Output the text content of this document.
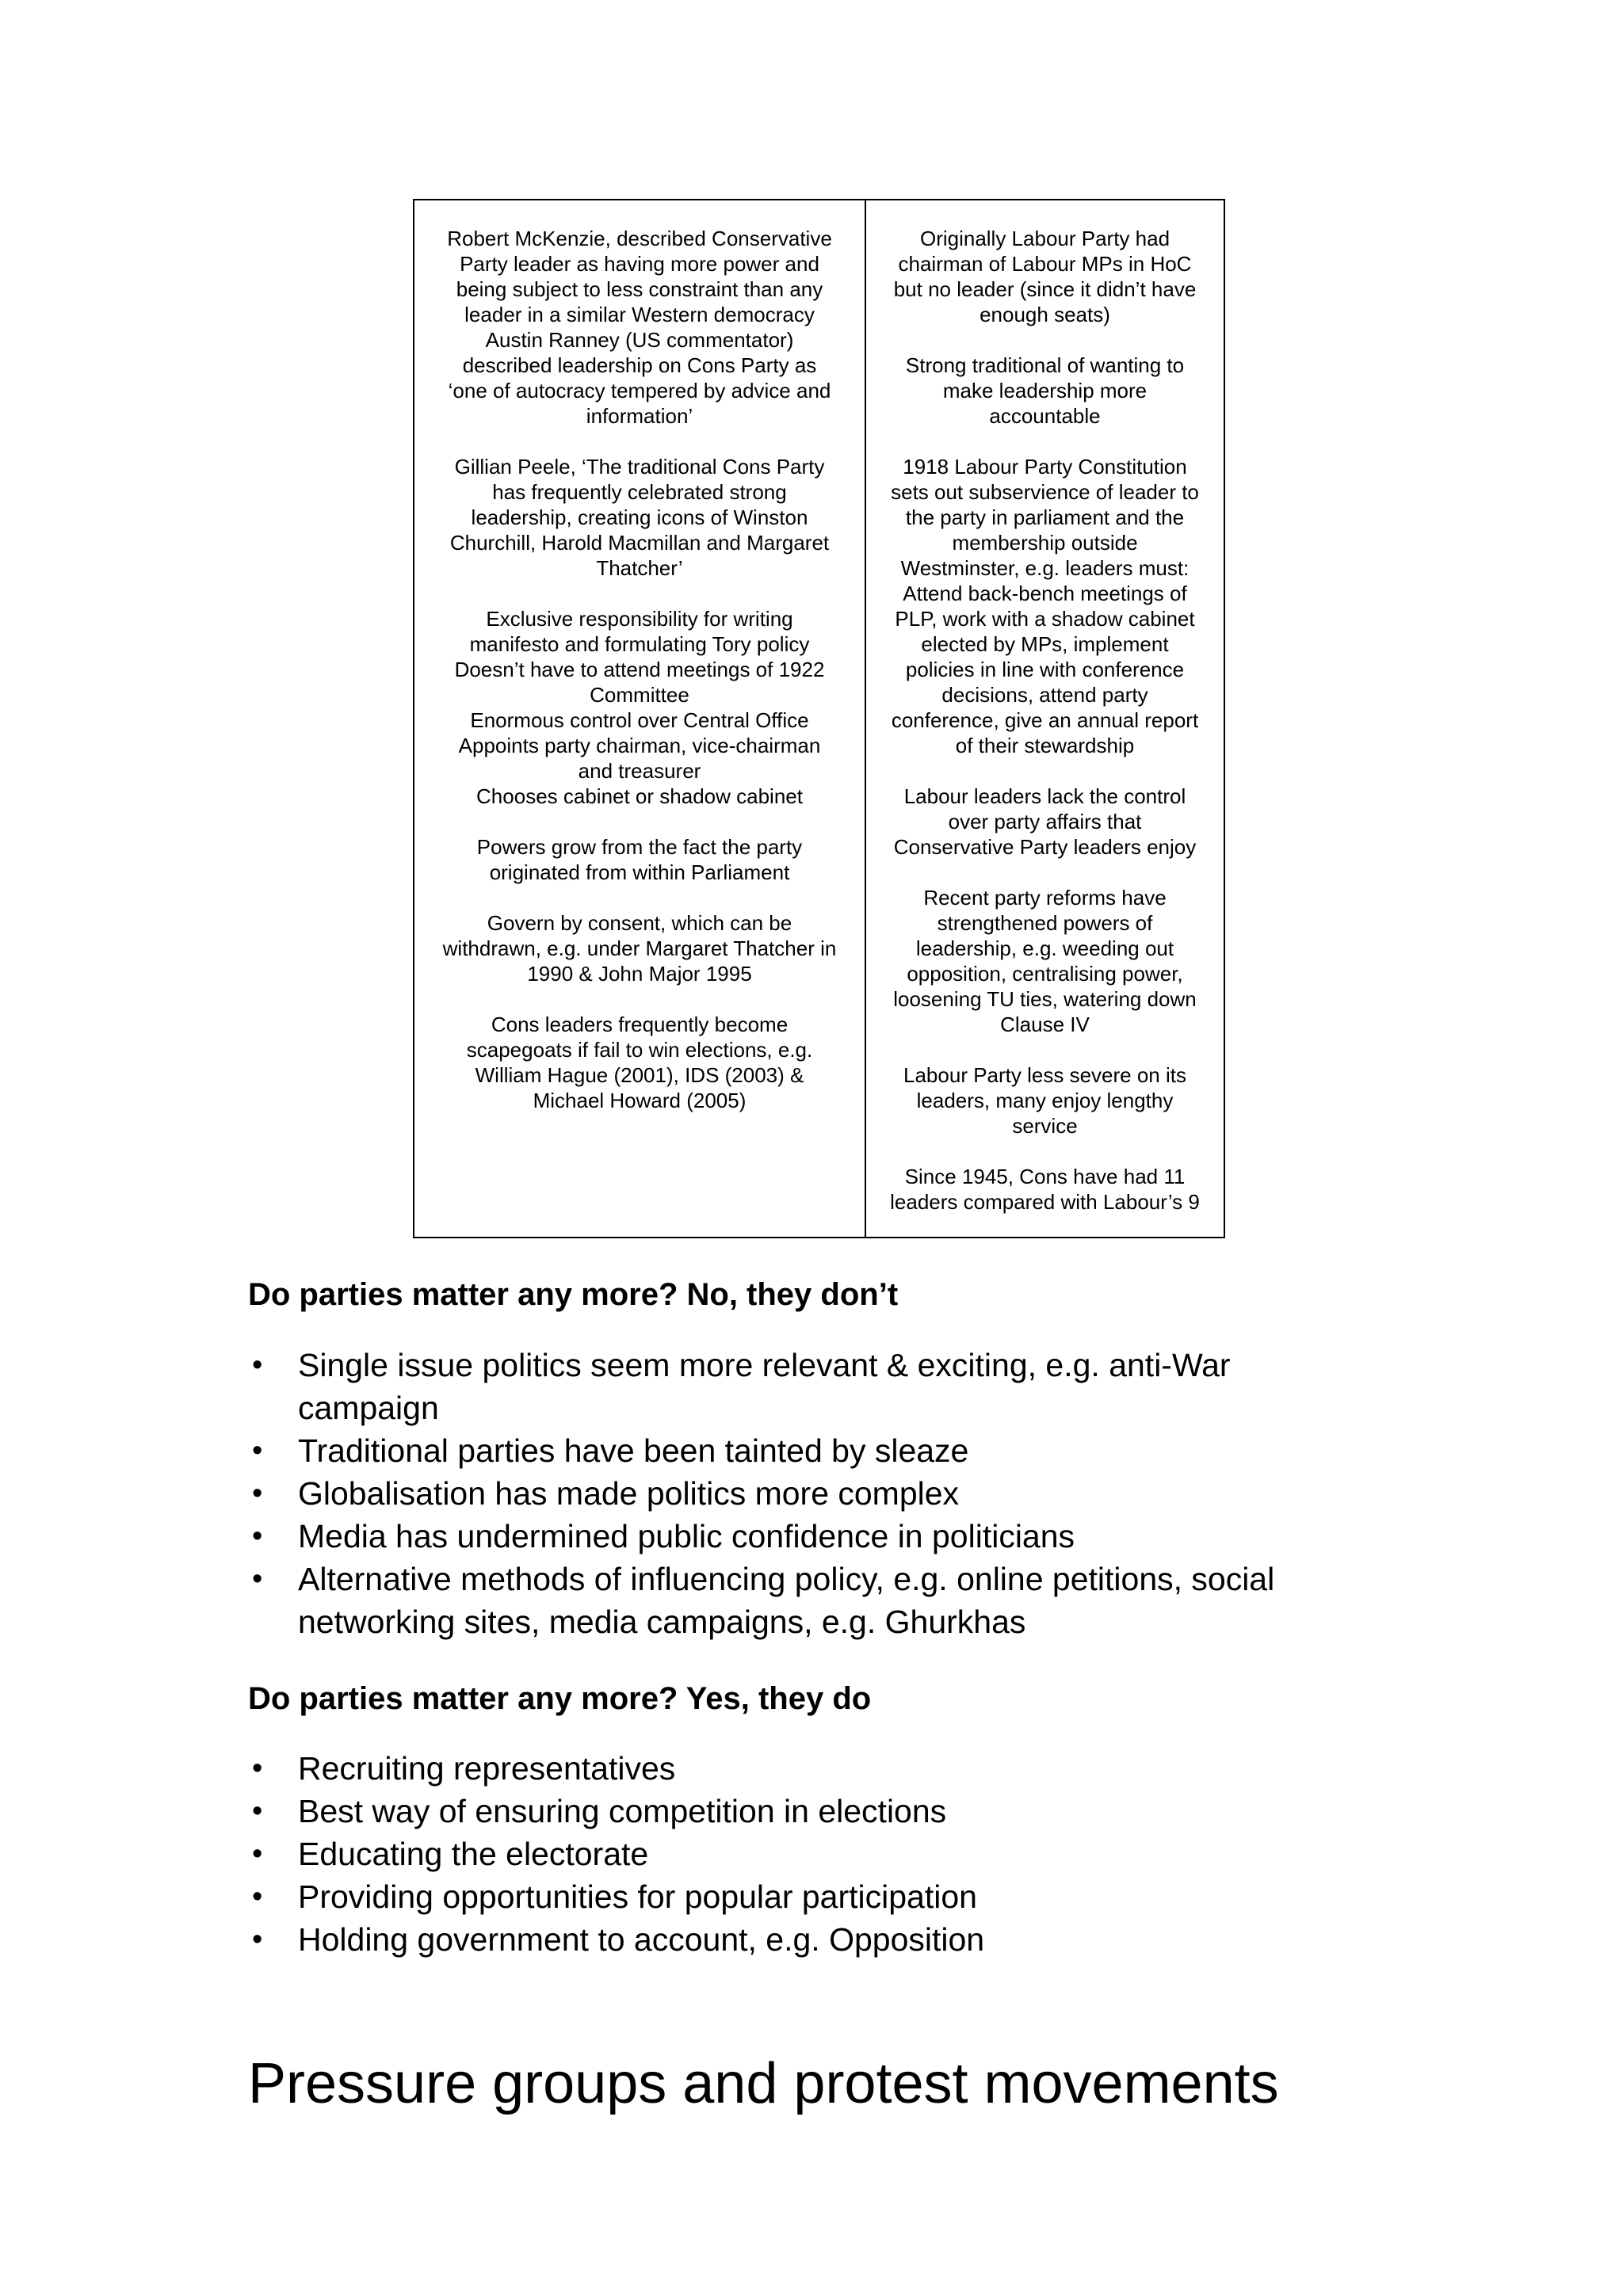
Robert McKenzie, described Conservative
Party leader as having more power and
being subject to less constraint than any
leader in a similar Western democracy
Austin Ranney (US commentator)
described leadership on Cons Party as
‘one of autocracy tempered by advice and
information’

Gillian Peele, ‘The traditional Cons Party
has frequently celebrated strong
leadership, creating icons of Winston
Churchill, Harold Macmillan and Margaret
Thatcher’

Exclusive responsibility for writing
manifesto and formulating Tory policy
Doesn’t have to attend meetings of 1922
Committee
Enormous control over Central Office
Appoints party chairman, vice-chairman
and treasurer
Chooses cabinet or shadow cabinet

Powers grow from the fact the party
originated from within Parliament

Govern by consent, which can be
withdrawn, e.g. under Margaret Thatcher in
1990 & John Major 1995

Cons leaders frequently become
scapegoats if fail to win elections, e.g.
William Hague (2001), IDS (2003) &
Michael Howard (2005)

Originally Labour Party had
chairman of Labour MPs in HoC
but no leader (since it didn’t have
enough seats)

Strong traditional of wanting to
make leadership more
accountable

1918 Labour Party Constitution
sets out subservience of leader to
the party in parliament and the
membership outside
Westminster, e.g. leaders must:
Attend back-bench meetings of
PLP, work with a shadow cabinet
elected by MPs, implement
policies in line with conference
decisions, attend party
conference, give an annual report
of their stewardship

Labour leaders lack the control
over party affairs that
Conservative Party leaders enjoy

Recent party reforms have
strengthened powers of
leadership, e.g. weeding out
opposition, centralising power,
loosening TU ties, watering down
Clause IV

Labour Party less severe on its
leaders, many enjoy lengthy
service

Since 1945, Cons have had 11
leaders compared with Labour’s 9

Do parties matter any more? No, they don’t
• Single issue politics seem more relevant & exciting, e.g. anti-War
campaign
• Traditional parties have been tainted by sleaze
• Globalisation has made politics more complex
• Media has undermined public confidence in politicians
• Alternative methods of influencing policy, e.g. online petitions, social
networking sites, media campaigns, e.g. Ghurkhas
Do parties matter any more? Yes, they do
• Recruiting representatives
• Best way of ensuring competition in elections
• Educating the electorate
• Providing opportunities for popular participation
• Holding government to account, e.g. Opposition
Pressure groups and protest movements
